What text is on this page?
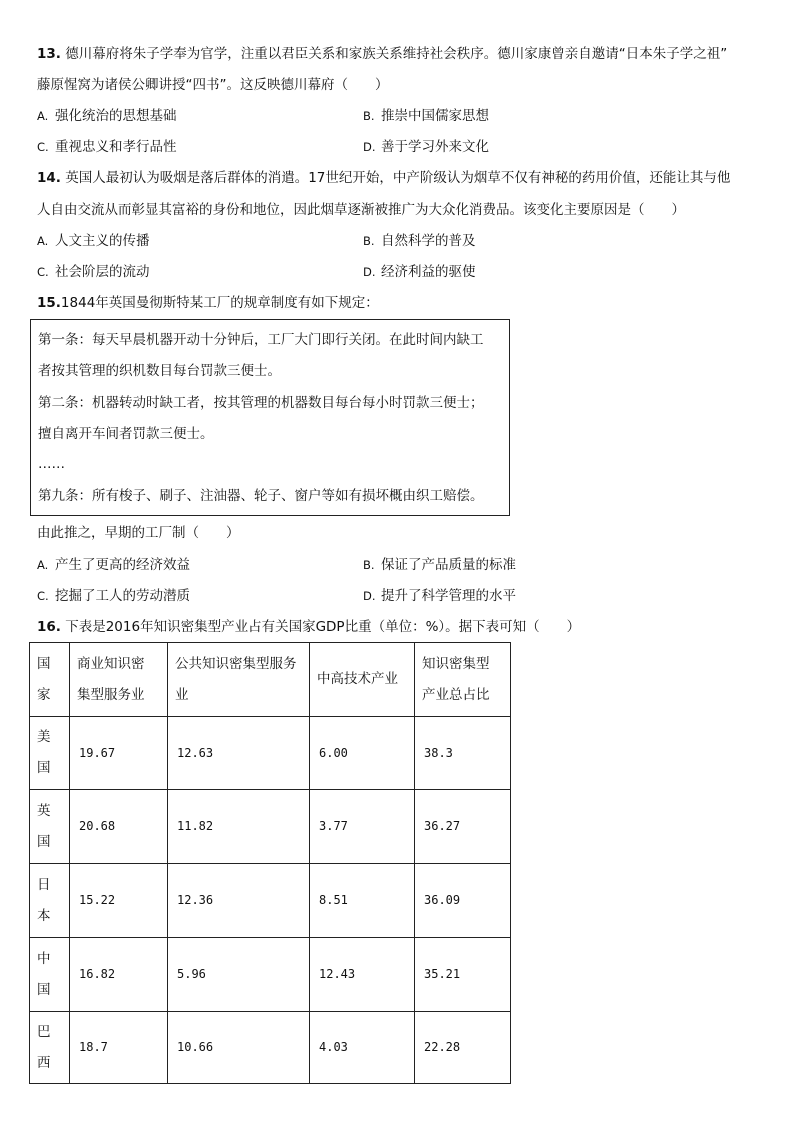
13. 德川幕府将朱子学奉为官学，注重以君臣关系和家族关系维持社会秩序。德川家康曾亲自邀请“日本朱子学之祖”
藤原惺窝为诸侯公卿讲授“四书”。这反映德川幕府（　　）
A. 强化统治的思想基础	B. 推崇中国儒家思想
C. 重视忠义和孝行品性	D. 善于学习外来文化
14. 英国人最初认为吸烟是落后群体的消遣。17世纪开始，中产阶级认为烟草不仅有神秘的药用价值，还能让其与他
人自由交流从而彰显其富裕的身份和地位，因此烟草逐渐被推广为大众化消费品。该变化主要原因是（　　）
A. 人文主义的传播	B. 自然科学的普及
C. 社会阶层的流动	D. 经济利益的驱使
15.1844年英国曼彻斯特某工厂的规章制度有如下规定：
第一条：每天早晨机器开动十分钟后，工厂大门即行关闭。在此时间内缺工
者按其管理的织机数目每台罚款三便士。
第二条：机器转动时缺工者，按其管理的机器数目每台每小时罚款三便士；
擅自离开车间者罚款三便士。
……
第九条：所有梭子、刷子、注油器、轮子、窗户等如有损坏概由织工赔偿。
由此推之，早期的工厂制（　　）
A. 产生了更高的经济效益	B. 保证了产品质量的标准
C. 挖掘了工人的劳动潜质	D. 提升了科学管理的水平
16. 下表是2016年知识密集型产业占有关国家GDP比重（单位：%）。据下表可知（　　）
国
家	商业知识密
集型服务业	公共知识密集型服务
业	中高技术产业	知识密集型
产业总占比

美
国	19.67	12.63	6.00	38.3

英
国	20.68	11.82	3.77	36.27

日
本	15.22	12.36	8.51	36.09

中
国	16.82	5.96	12.43	35.21

巴
西	18.7	10.66	4.03	22.28
